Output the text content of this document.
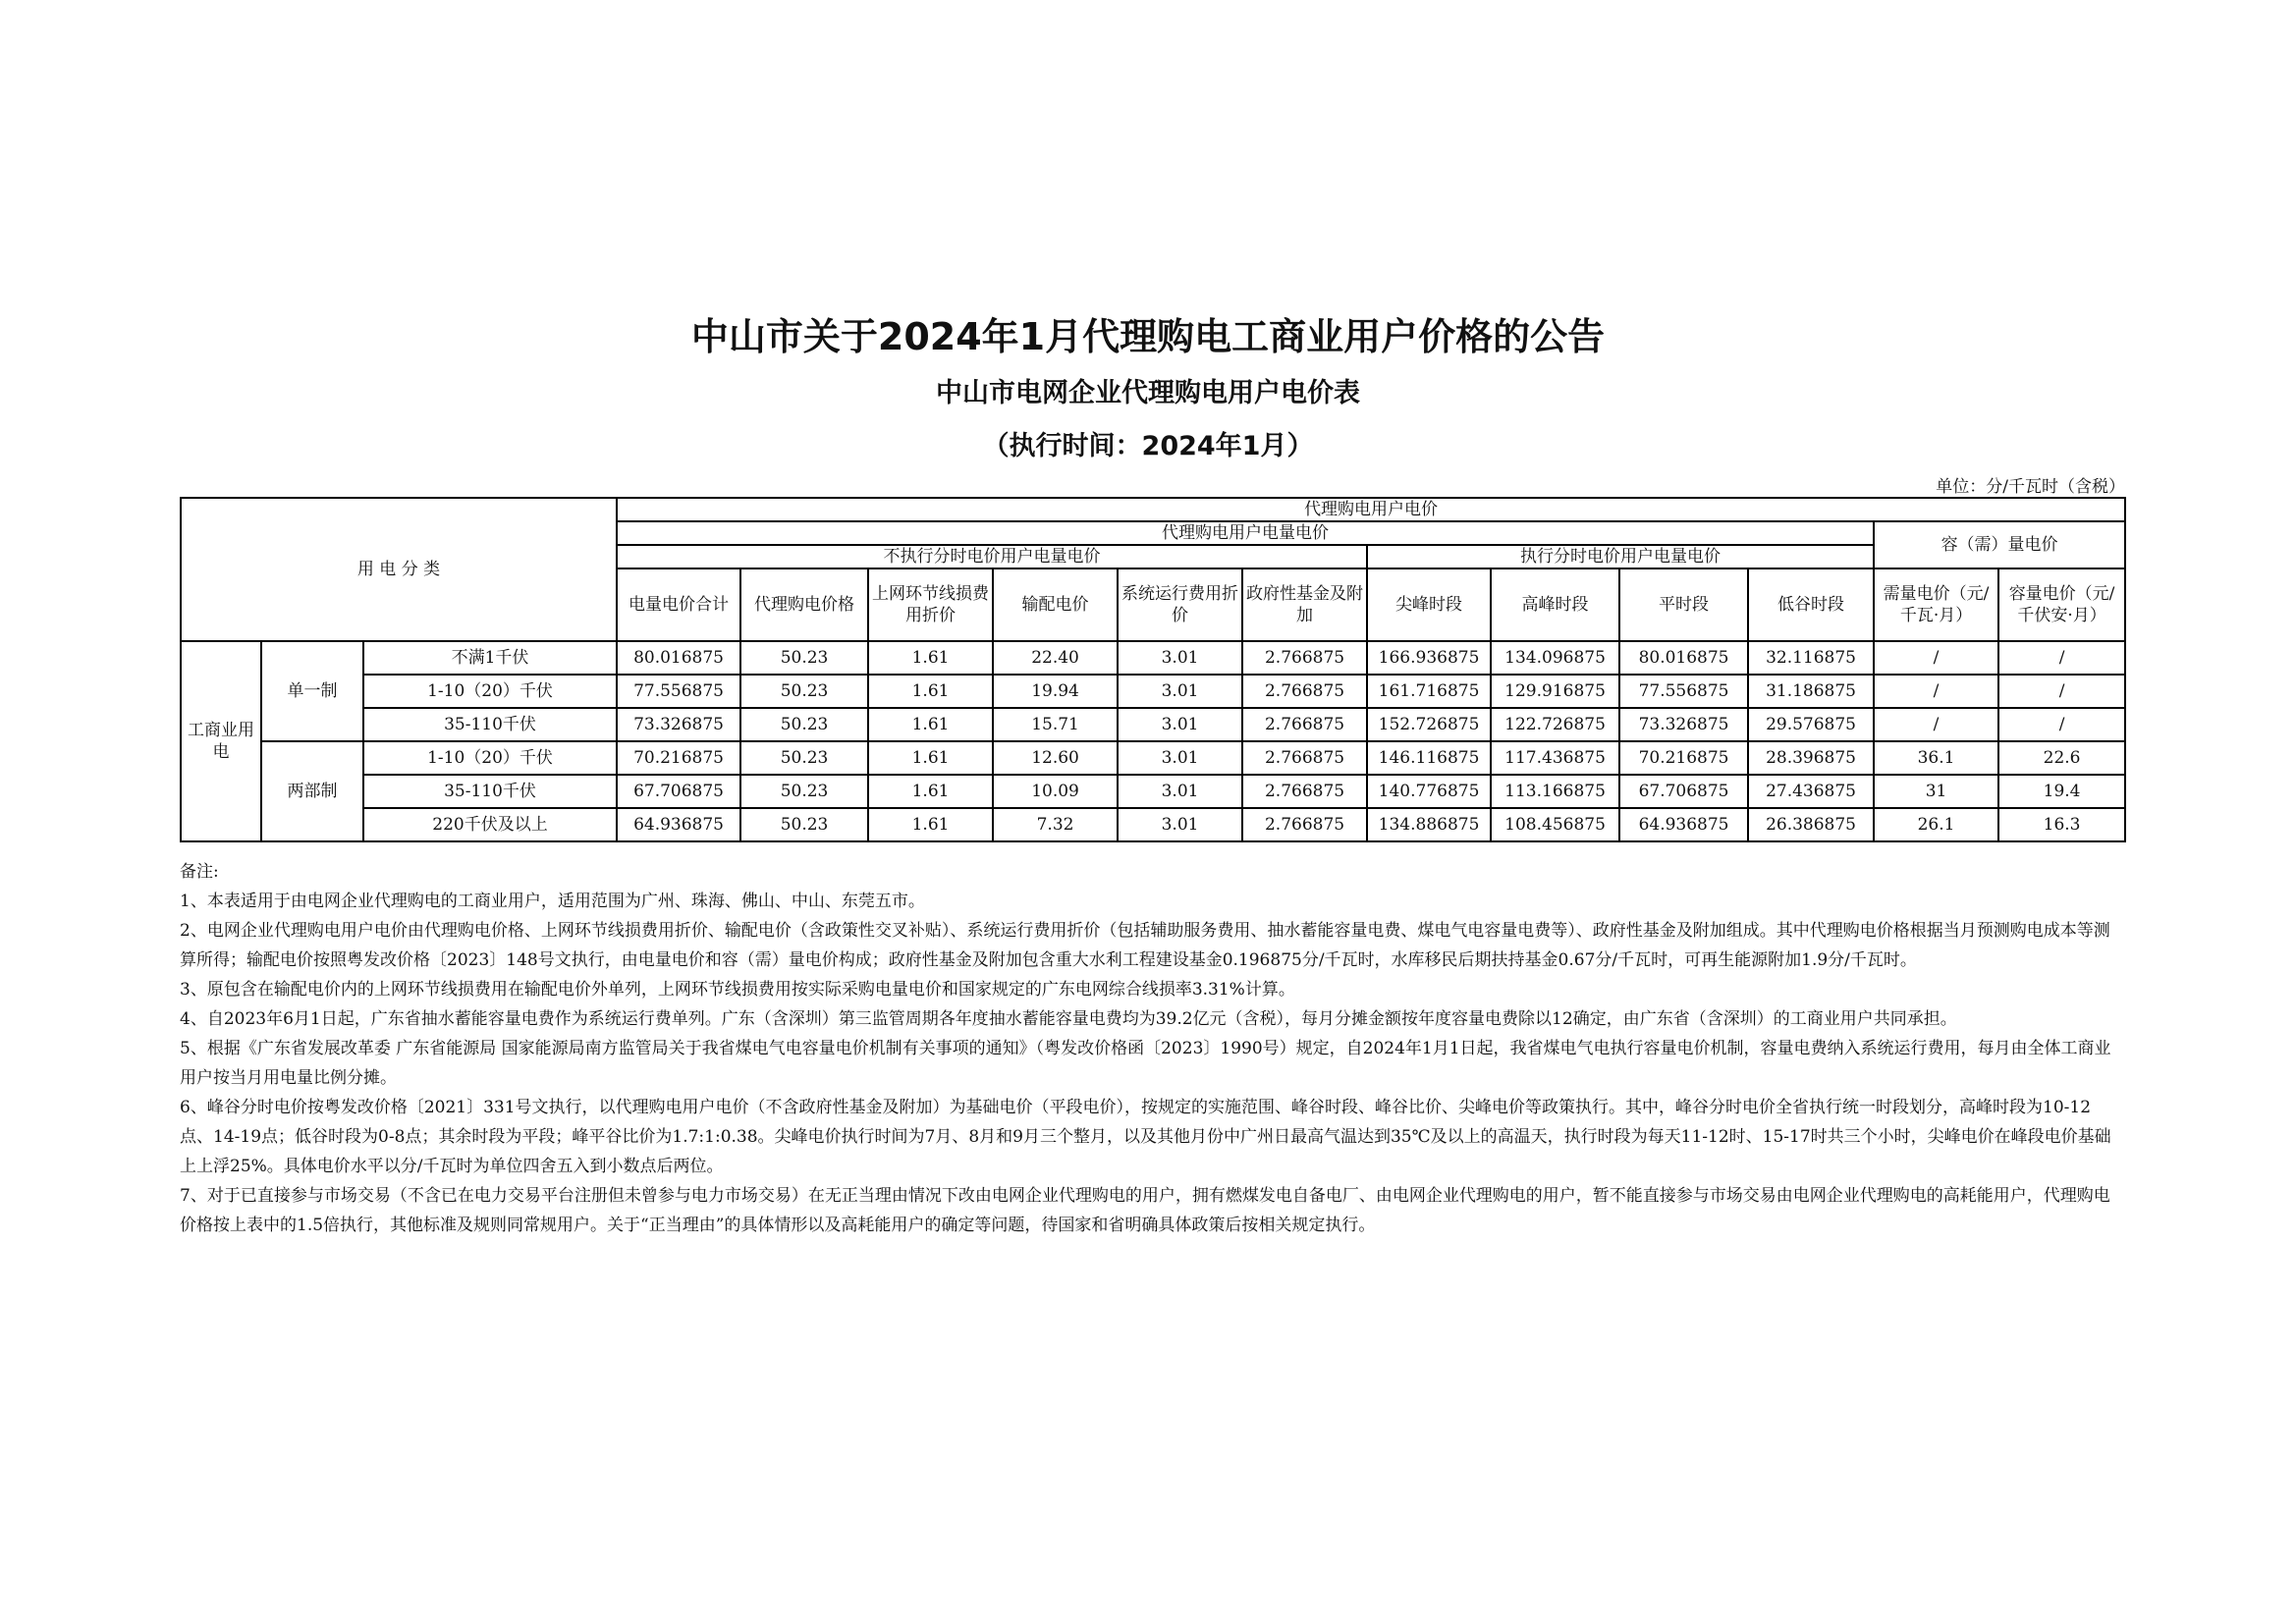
中山市关于2024年1月代理购电工商业用户价格的公告
中山市电网企业代理购电用户电价表
（执行时间：2024年1月）
单位：分/千瓦时（含税）
用 电 分 类			代理购电用户电价											
			代理购电用户电量电价										容（需）量电价	
			不执行分时电价用户电量电价						执行分时电价用户电量电价					
			电量电价合计	代理购电价格	上网环节线损费用折价	输配电价	系统运行费用折价	政府性基金及附加	尖峰时段	高峰时段	平时段	低谷时段	需量电价（元/千瓦·月）	容量电价（元/千伏安·月）
工商业用电	单一制	不满1千伏	80.016875	50.23	1.61	22.40	3.01	2.766875	166.936875	134.096875	80.016875	32.116875	/	/
		1-10（20）千伏	77.556875	50.23	1.61	19.94	3.01	2.766875	161.716875	129.916875	77.556875	31.186875	/	/
		35-110千伏	73.326875	50.23	1.61	15.71	3.01	2.766875	152.726875	122.726875	73.326875	29.576875	/	/
	两部制	1-10（20）千伏	70.216875	50.23	1.61	12.60	3.01	2.766875	146.116875	117.436875	70.216875	28.396875	36.1	22.6
		35-110千伏	67.706875	50.23	1.61	10.09	3.01	2.766875	140.776875	113.166875	67.706875	27.436875	31	19.4
		220千伏及以上	64.936875	50.23	1.61	7.32	3.01	2.766875	134.886875	108.456875	64.936875	26.386875	26.1	16.3
备注:
1、本表适用于由电网企业代理购电的工商业用户，适用范围为广州、珠海、佛山、中山、东莞五市。
2、电网企业代理购电用户电价由代理购电价格、上网环节线损费用折价、输配电价（含政策性交叉补贴）、系统运行费用折价（包括辅助服务费用、抽水蓄能容量电费、煤电气电容量电费等）、政府性基金及附加组成。其中代理购电价格根据当月预测购电成本等测算所得；输配电价按照粤发改价格〔2023〕148号文执行，由电量电价和容（需）量电价构成；政府性基金及附加包含重大水利工程建设基金0.196875分/千瓦时，水库移民后期扶持基金0.67分/千瓦时，可再生能源附加1.9分/千瓦时。
3、原包含在输配电价内的上网环节线损费用在输配电价外单列，上网环节线损费用按实际采购电量电价和国家规定的广东电网综合线损率3.31%计算。
4、自2023年6月1日起，广东省抽水蓄能容量电费作为系统运行费单列。广东（含深圳）第三监管周期各年度抽水蓄能容量电费均为39.2亿元（含税），每月分摊金额按年度容量电费除以12确定，由广东省（含深圳）的工商业用户共同承担。
5、根据《广东省发展改革委 广东省能源局 国家能源局南方监管局关于我省煤电气电容量电价机制有关事项的通知》（粤发改价格函〔2023〕1990号）规定，自2024年1月1日起，我省煤电气电执行容量电价机制，容量电费纳入系统运行费用，每月由全体工商业用户按当月用电量比例分摊。
6、峰谷分时电价按粤发改价格〔2021〕331号文执行，以代理购电用户电价（不含政府性基金及附加）为基础电价（平段电价），按规定的实施范围、峰谷时段、峰谷比价、尖峰电价等政策执行。其中，峰谷分时电价全省执行统一时段划分，高峰时段为10-12点、14-19点；低谷时段为0-8点；其余时段为平段；峰平谷比价为1.7:1:0.38。尖峰电价执行时间为7月、8月和9月三个整月，以及其他月份中广州日最高气温达到35℃及以上的高温天，执行时段为每天11-12时、15-17时共三个小时，尖峰电价在峰段电价基础上上浮25%。具体电价水平以分/千瓦时为单位四舍五入到小数点后两位。
7、对于已直接参与市场交易（不含已在电力交易平台注册但未曾参与电力市场交易）在无正当理由情况下改由电网企业代理购电的用户，拥有燃煤发电自备电厂、由电网企业代理购电的用户，暂不能直接参与市场交易由电网企业代理购电的高耗能用户，代理购电价格按上表中的1.5倍执行，其他标准及规则同常规用户。关于“正当理由”的具体情形以及高耗能用户的确定等问题，待国家和省明确具体政策后按相关规定执行。
